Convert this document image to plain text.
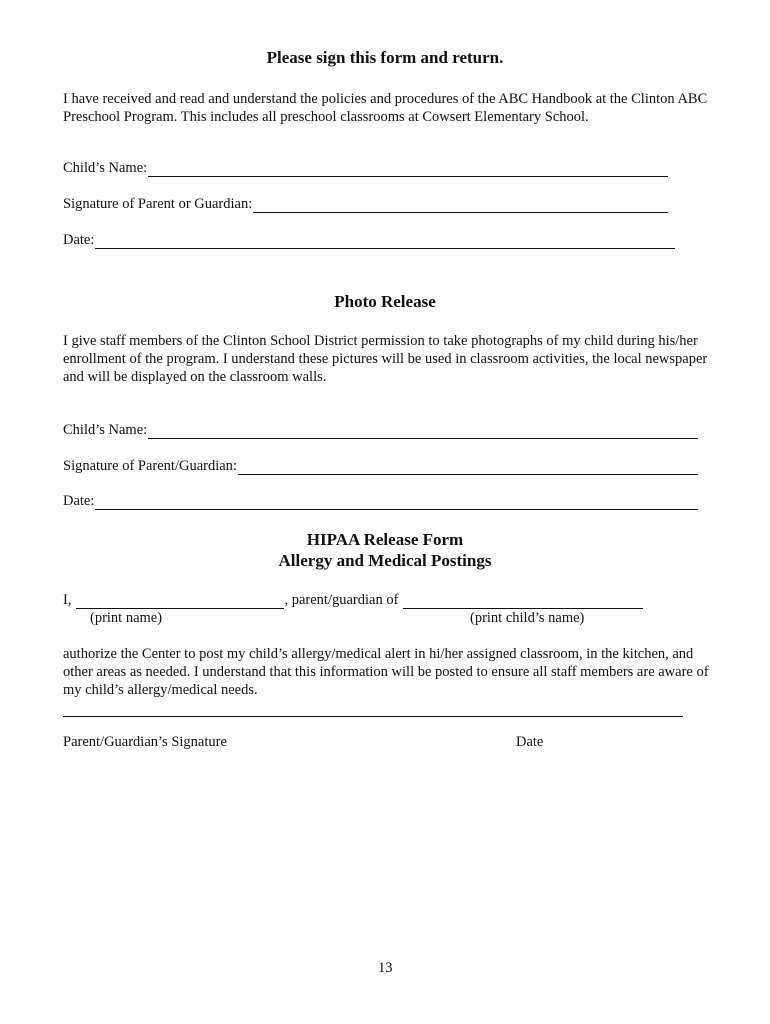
Please sign this form and return.
I have received and read and understand the policies and procedures of the ABC Handbook at the Clinton ABC Preschool Program. This includes all preschool classrooms at Cowsert Elementary School.
Child’s Name:
Signature of Parent or Guardian:
Date:
Photo Release
I give staff members of the Clinton School District permission to take photographs of my child during his/her enrollment of the program. I understand these pictures will be used in classroom activities, the local newspaper and will be displayed on the classroom walls.
Child’s Name:
Signature of Parent/Guardian:
Date:
HIPAA Release Form
Allergy and Medical Postings
I,	, parent/guardian of
(print name)	(print child’s name)
authorize the Center to post my child’s allergy/medical alert in hi/her assigned classroom, in the kitchen, and other areas as needed. I understand that this information will be posted to ensure all staff members are aware of my child’s allergy/medical needs.
Parent/Guardian’s Signature	Date
13
